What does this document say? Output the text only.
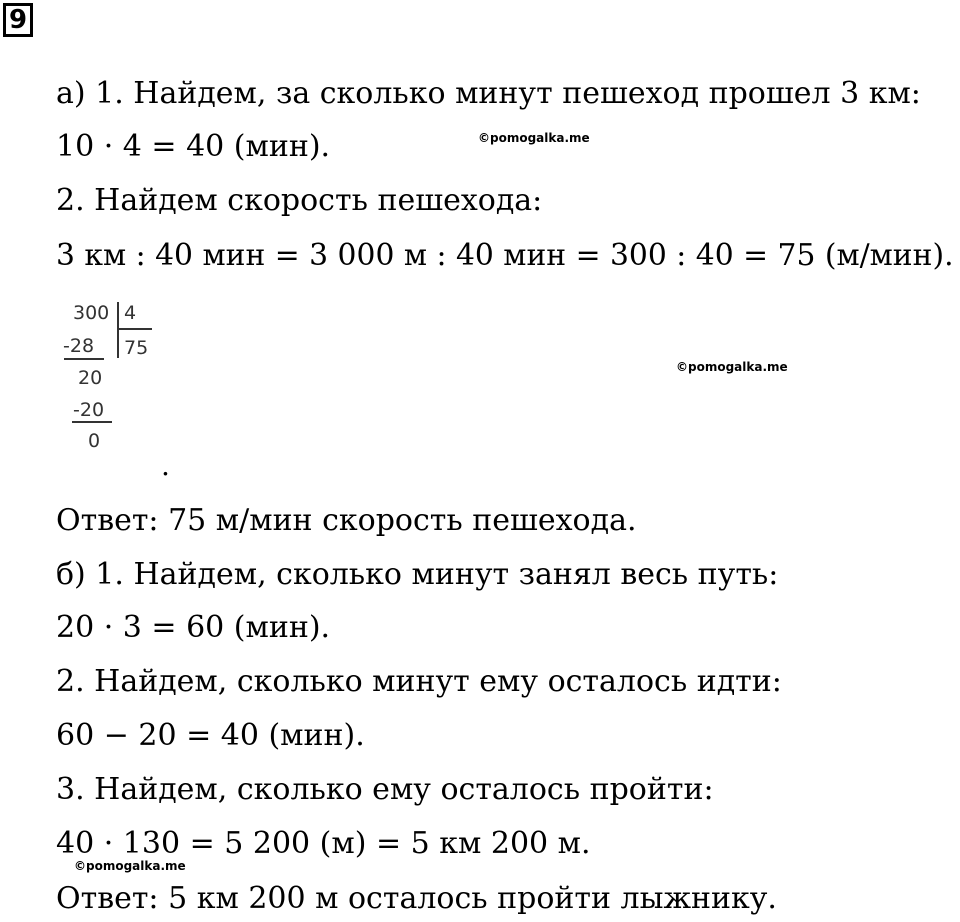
9
а) 1. Найдем, за сколько минут пешеход прошел 3 км:
10 · 4 = 40 (мин).	©pomogalka.me
2. Найдем скорость пешехода:
3 км : 40 мин = 3 000 м : 40 мин = 300 : 40 = 75 (м/мин).
300 4
-28 75
20
-20
0
.
©pomogalka.me
Ответ: 75 м/мин скорость пешехода.
б) 1. Найдем, сколько минут занял весь путь:
20 · 3 = 60 (мин).
2. Найдем, сколько минут ему осталось идти:
60 − 20 = 40 (мин).
3. Найдем, сколько ему осталось пройти:
40 · 130 = 5 200 (м) = 5 км 200 м.
©pomogalka.me
Ответ: 5 км 200 м осталось пройти лыжнику.
